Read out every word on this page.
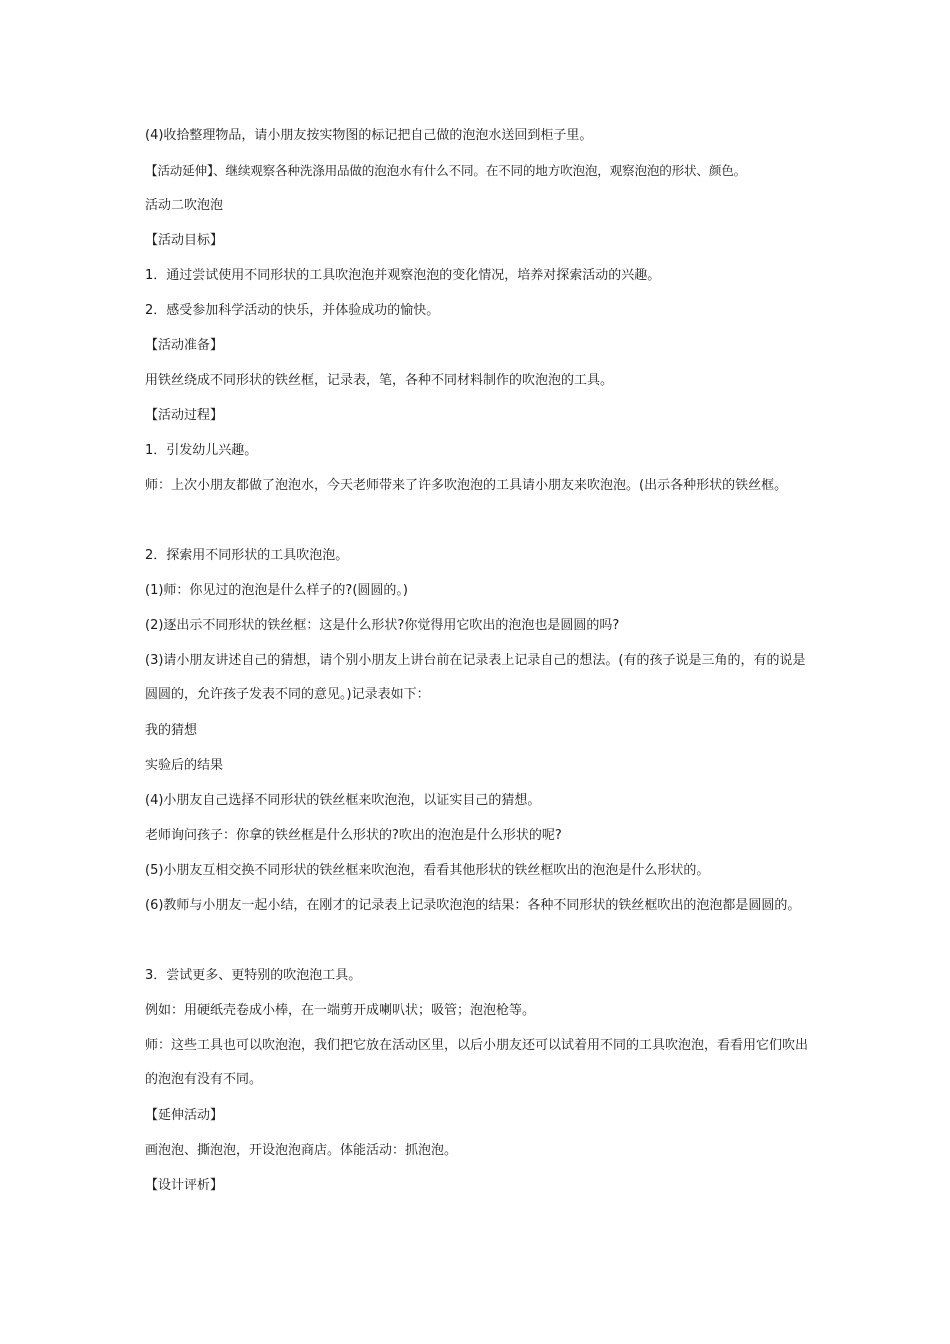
(4)收拾整理物品，请小朋友按实物图的标记把自己做的泡泡水送回到柜子里。

【活动延伸】、继续观察各种洗涤用品做的泡泡水有什么不同。在不同的地方吹泡泡，观察泡泡的形状、颜色。

活动二吹泡泡

【活动目标】

1．通过尝试使用不同形状的工具吹泡泡并观察泡泡的变化情况，培养对探索活动的兴趣。

2．感受参加科学活动的快乐，并体验成功的愉快。

【活动准备】

用铁丝绕成不同形状的铁丝框，记录表，笔，各种不同材料制作的吹泡泡的工具。

【活动过程】

1．引发幼儿兴趣。

师：上次小朋友都做了泡泡水，今天老师带来了许多吹泡泡的工具请小朋友来吹泡泡。(出示各种形状的铁丝框。

2．探索用不同形状的工具吹泡泡。

(1)师：你见过的泡泡是什么样子的?(圆圆的。)

(2)逐出示不同形状的铁丝框：这是什么形状?你觉得用它吹出的泡泡也是圆圆的吗?

(3)请小朋友讲述自己的猜想，请个别小朋友上讲台前在记录表上记录自己的想法。(有的孩子说是三角的，有的说是圆圆的，允许孩子发表不同的意见。)记录表如下：

我的猜想

实验后的结果

(4)小朋友自己选择不同形状的铁丝框来吹泡泡，以证实目己的猜想。

老师询问孩子：你拿的铁丝框是什么形状的?吹出的泡泡是什么形状的呢?

(5)小朋友互相交换不同形状的铁丝框来吹泡泡，看看其他形状的铁丝框吹出的泡泡是什么形状的。

(6)教师与小朋友一起小结，在刚才的记录表上记录吹泡泡的结果：各种不同形状的铁丝框吹出的泡泡都是圆圆的。

3．尝试更多、更特别的吹泡泡工具。

例如：用硬纸壳卷成小棒，在一端剪开成喇叭状；吸管；泡泡枪等。

师：这些工具也可以吹泡泡，我们把它放在活动区里，以后小朋友还可以试着用不同的工具吹泡泡，看看用它们吹出的泡泡有没有不同。

【延伸活动】

画泡泡、撕泡泡，开设泡泡商店。体能活动：抓泡泡。

【设计评析】
